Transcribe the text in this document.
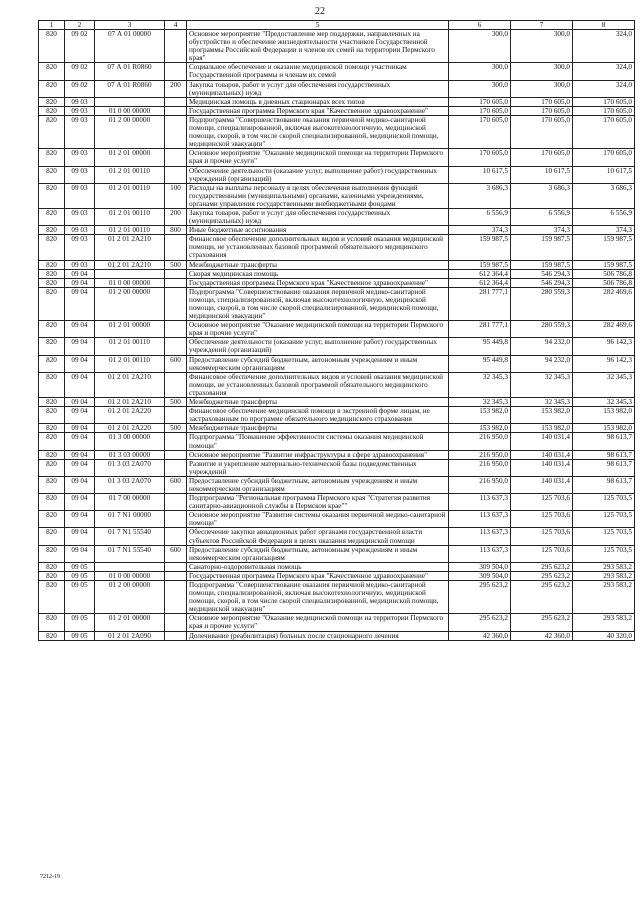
22
1	2	3	4	5	6	7	8
820	09 02	07 А 01 00000		Основное мероприятие "Предоставление мер поддержки, направленных на обустройство и обеспечение жизнедеятельности участников Государственной программы Российской Федерации и членов их семей на территории Пермского края"	300,0	300,0	324,0
820	09 02	07 А 01 R0860		Социальное обеспечение и оказание медицинской помощи участникам Государственной программы и членам их семей	300,0	300,0	324,0
820	09 02	07 А 01 R0860	200	Закупка товаров, работ и услуг для обеспечения государственных (муниципальных) нужд	300,0	300,0	324,0
820	09 03			Медицинская помощь в дневных стационарах всех типов	170 605,0	170 605,0	170 605,0
820	09 03	01 0 00 00000		Государственная программа Пермского края "Качественное здравоохранение"	170 605,0	170 605,0	170 605,0
820	09 03	01 2 00 00000		Подпрограмма "Совершенствование оказания первичной медико-санитарной помощи, специализированной, включая высокотехнологичную, медицинской помощи, скорой, в том числе скорой специализированной, медицинской помощи, медицинской эвакуации"	170 605,0	170 605,0	170 605,0
820	09 03	01 2 01 00000		Основное мероприятие "Оказание медицинской помощи на территории Пермского края и прочие услуги"	170 605,0	170 605,0	170 605,0
820	09 03	01 2 01 00110		Обеспечение деятельности (оказание услуг, выполнение работ) государственных учреждений (организаций)	10 617,5	10 617,5	10 617,5
820	09 03	01 2 01 00110	100	Расходы на выплаты персоналу в целях обеспечения выполнения функций государственными (муниципальными) органами, казенными учреждениями, органами управления государственными внебюджетными фондами	3 686,3	3 686,3	3 686,3
820	09 03	01 2 01 00110	200	Закупка товаров, работ и услуг для обеспечения государственных (муниципальных) нужд	6 556,9	6 556,9	6 556,9
820	09 03	01 2 01 00110	800	Иные бюджетные ассигнования	374,3	374,3	374,3
820	09 03	01 2 01 2А210		Финансовое обеспечение дополнительных видов и условий оказания медицинской помощи, не установленных базовой программой обязательного медицинского страхования	159 987,5	159 987,5	159 987,5
820	09 03	01 2 01 2А210	500	Межбюджетные трансферты	159 987,5	159 987,5	159 987,5
820	09 04			Скорая медицинская помощь	612 364,4	546 294,3	506 786,8
820	09 04	01 0 00 00000		Государственная программа Пермского края "Качественное здравоохранение"	612 364,4	546 294,3	506 786,8
820	09 04	01 2 00 00000		Подпрограмма "Совершенствование оказания первичной медико-санитарной помощи, специализированной, включая высокотехнологичную, медицинской помощи, скорой, в том числе скорой специализированной, медицинской помощи, медицинской эвакуации"	281 777,1	280 559,3	282 469,6
820	09 04	01 2 01 00000		Основное мероприятие "Оказание медицинской помощи на территории Пермского края и прочие услуги"	281 777,1	280 559,3	282 469,6
820	09 04	01 2 01 00110		Обеспечение деятельности (оказание услуг, выполнение работ) государственных учреждений (организаций)	95 449,8	94 232,0	96 142,3
820	09 04	01 2 01 00110	600	Предоставление субсидий бюджетным, автономным учреждениям и иным некоммерческим организациям	95 449,8	94 232,0	96 142,3
820	09 04	01 2 01 2А210		Финансовое обеспечение дополнительных видов и условий оказания медицинской помощи, не установленных базовой программой обязательного медицинского страхования	32 345,3	32 345,3	32 345,3
820	09 04	01 2 01 2А210	500	Межбюджетные трансферты	32 345,3	32 345,3	32 345,3
820	09 04	01 2 01 2А220		Финансовое обеспечение медицинской помощи в экстренной форме лицам, не застрахованным по программе обязательного медицинского страхования	153 982,0	153 982,0	153 982,0
820	09 04	01 2 01 2А220	500	Межбюджетные трансферты	153 982,0	153 982,0	153 982,0
820	09 04	01 3 00 00000		Подпрограмма "Повышение эффективности системы оказания медицинской помощи"	216 950,0	140 031,4	98 613,7
820	09 04	01 3 03 00000		Основное мероприятие "Развитие инфраструктуры в сфере здравоохранения"	216 950,0	140 031,4	98 613,7
820	09 04	01 3 03 2А070		Развитие и укрепление материально-технической базы подведомственных учреждений	216 950,0	140 031,4	98 613,7
820	09 04	01 3 03 2А070	600	Предоставление субсидий бюджетным, автономным учреждениям и иным некоммерческим организациям	216 950,0	140 031,4	98 613,7
820	09 04	01 7 00 00000		Подпрограмма "Региональная программа Пермского края "Стратегия развития санитарно-авиационной службы в Пермском крае""	113 637,3	125 703,6	125 703,5
820	09 04	01 7 N1 00000		Основное мероприятие "Развитие системы оказания первичной медико-санитарной помощи"	113 637,3	125 703,6	125 703,5
820	09 04	01 7 N1 55540		Обеспечение закупки авиационных работ органами государственной власти субъектов Российской Федерации в целях оказания медицинской помощи	113 637,3	125 703,6	125 703,5
820	09 04	01 7 N1 55540	600	Предоставление субсидий бюджетным, автономным учреждениям и иным некоммерческим организациям	113 637,3	125 703,6	125 703,5
820	09 05			Санаторно-оздоровительная помощь	309 504,0	295 623,2	293 583,2
820	09 05	01 0 00 00000		Государственная программа Пермского края "Качественное здравоохранение"	309 504,0	295 623,2	293 583,2
820	09 05	01 2 00 00000		Подпрограмма "Совершенствование оказания первичной медико-санитарной помощи, специализированной, включая высокотехнологичную, медицинской помощи, скорой, в том числе скорой специализированной, медицинской помощи, медицинской эвакуации"	295 623,2	295 623,2	293 583,2
820	09 05	01 2 01 00000		Основное мероприятие "Оказание медицинской помощи на территории Пермского края и прочие услуги"	295 623,2	295 623,2	293 583,2
820	09 05	01 2 01 2А090		Долечивание (реабилитация) больных после стационарного лечения	42 360,0	42 360,0	40 320,0
7212-19
